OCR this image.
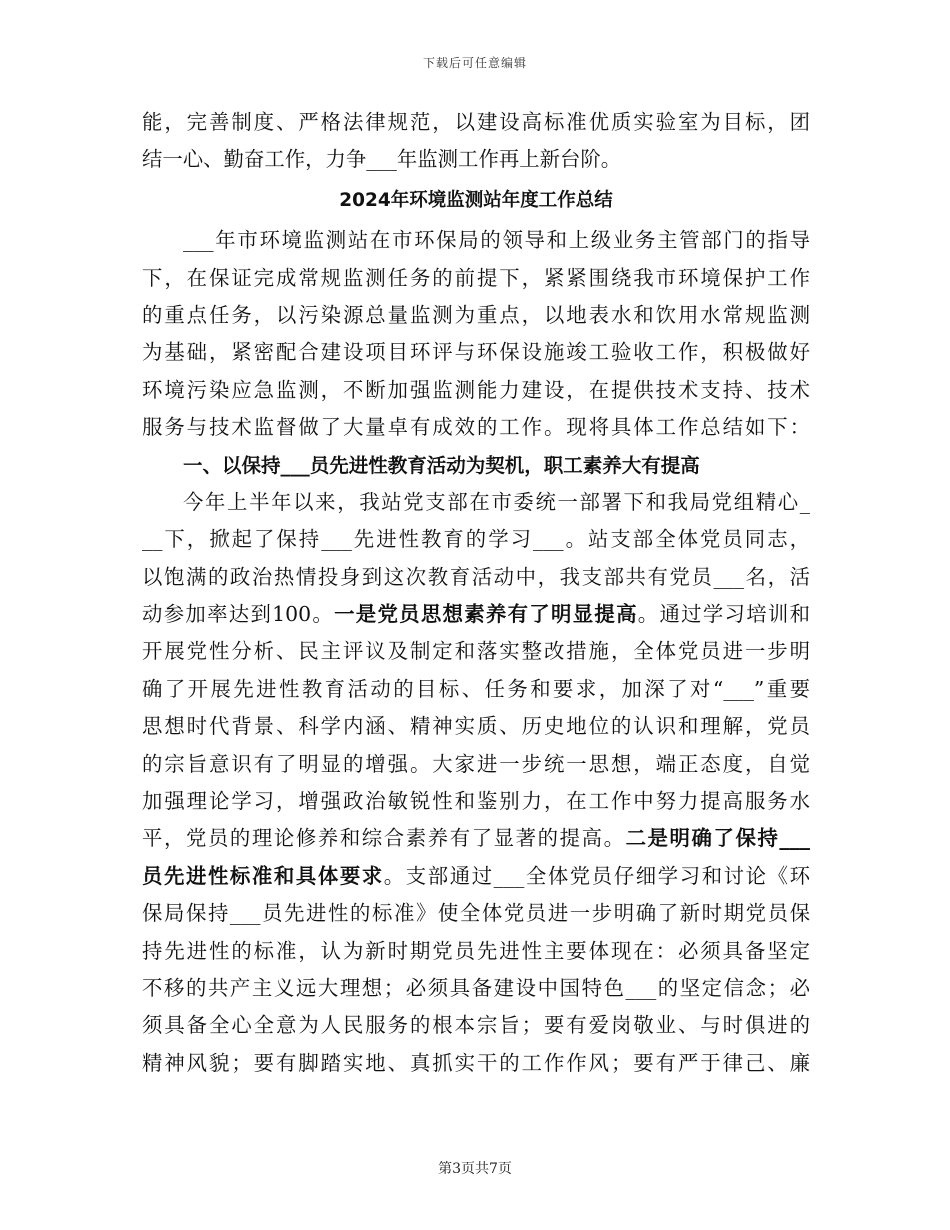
下载后可任意编辑
能，完善制度、严格法律规范，以建设高标准优质实验室为目标，团
结一心、勤奋工作，力争___年监测工作再上新台阶。
2024年环境监测站年度工作总结
___年市环境监测站在市环保局的领导和上级业务主管部门的指导
下，在保证完成常规监测任务的前提下，紧紧围绕我市环境保护工作
的重点任务，以污染源总量监测为重点，以地表水和饮用水常规监测
为基础，紧密配合建设项目环评与环保设施竣工验收工作，积极做好
环境污染应急监测，不断加强监测能力建设，在提供技术支持、技术
服务与技术监督做了大量卓有成效的工作。现将具体工作总结如下：
一、以保持___员先进性教育活动为契机，职工素养大有提高
今年上半年以来，我站党支部在市委统一部署下和我局党组精心_
__下，掀起了保持___先进性教育的学习___。站支部全体党员同志，
以饱满的政治热情投身到这次教育活动中，我支部共有党员___名，活
动参加率达到100。一是党员思想素养有了明显提高。通过学习培训和
开展党性分析、民主评议及制定和落实整改措施，全体党员进一步明
确了开展先进性教育活动的目标、任务和要求，加深了对“___”重要
思想时代背景、科学内涵、精神实质、历史地位的认识和理解，党员
的宗旨意识有了明显的增强。大家进一步统一思想，端正态度，自觉
加强理论学习，增强政治敏锐性和鉴别力，在工作中努力提高服务水
平，党员的理论修养和综合素养有了显著的提高。二是明确了保持___
员先进性标准和具体要求。支部通过___全体党员仔细学习和讨论《环
保局保持___员先进性的标准》使全体党员进一步明确了新时期党员保
持先进性的标准，认为新时期党员先进性主要体现在：必须具备坚定
不移的共产主义远大理想；必须具备建设中国特色___的坚定信念；必
须具备全心全意为人民服务的根本宗旨；要有爱岗敬业、与时俱进的
精神风貌；要有脚踏实地、真抓实干的工作作风；要有严于律己、廉
第3页共7页
